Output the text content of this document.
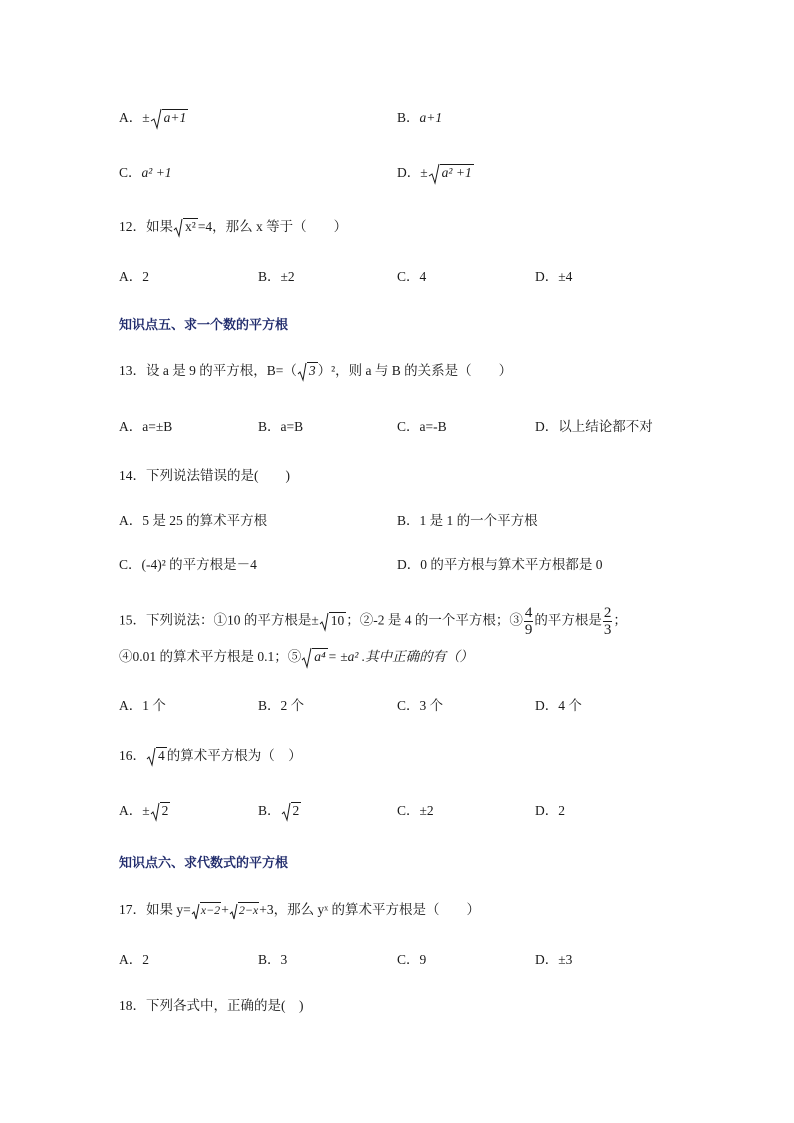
A．± a+1	B．a+1
C．a² +1	D．± a² +1
12．如果 x² =4，那么 x 等于（　　）
A．2	B．±2	C．4	D．±4
知识点五、求一个数的平方根
13．设 a 是 9 的平方根，B=（ 3 ）²，则 a 与 B 的关系是（　　）
A．a=±B	B．a=B	C．a=-B	D．以上结论都不对
14．下列说法错误的是(　　)
A．5 是 25 的算术平方根	B．1 是 1 的一个平方根
C．(-4)² 的平方根是－4	D．0 的平方根与算术平方根都是 0
15．下列说法：①10 的平方根是± 10 ；②-2 是 4 的一个平方根；③ $\frac{4}{9}$ 的平方根是 $\frac{2}{3}$ ；
④0.01 的算术平方根是 0.1；⑤ a⁴ = ±a² .其中正确的有（）
A．1 个	B．2 个	C．3 个	D．4 个
16． 4 的算术平方根为（　）
A．± 2	B． 2	C．±2	D．2
知识点六、求代数式的平方根
17．如果 y= x−2+ 2−x+3，那么 yˣ 的算术平方根是（　　）
A．2	B．3	C．9	D．±3
18．下列各式中，正确的是(　)
